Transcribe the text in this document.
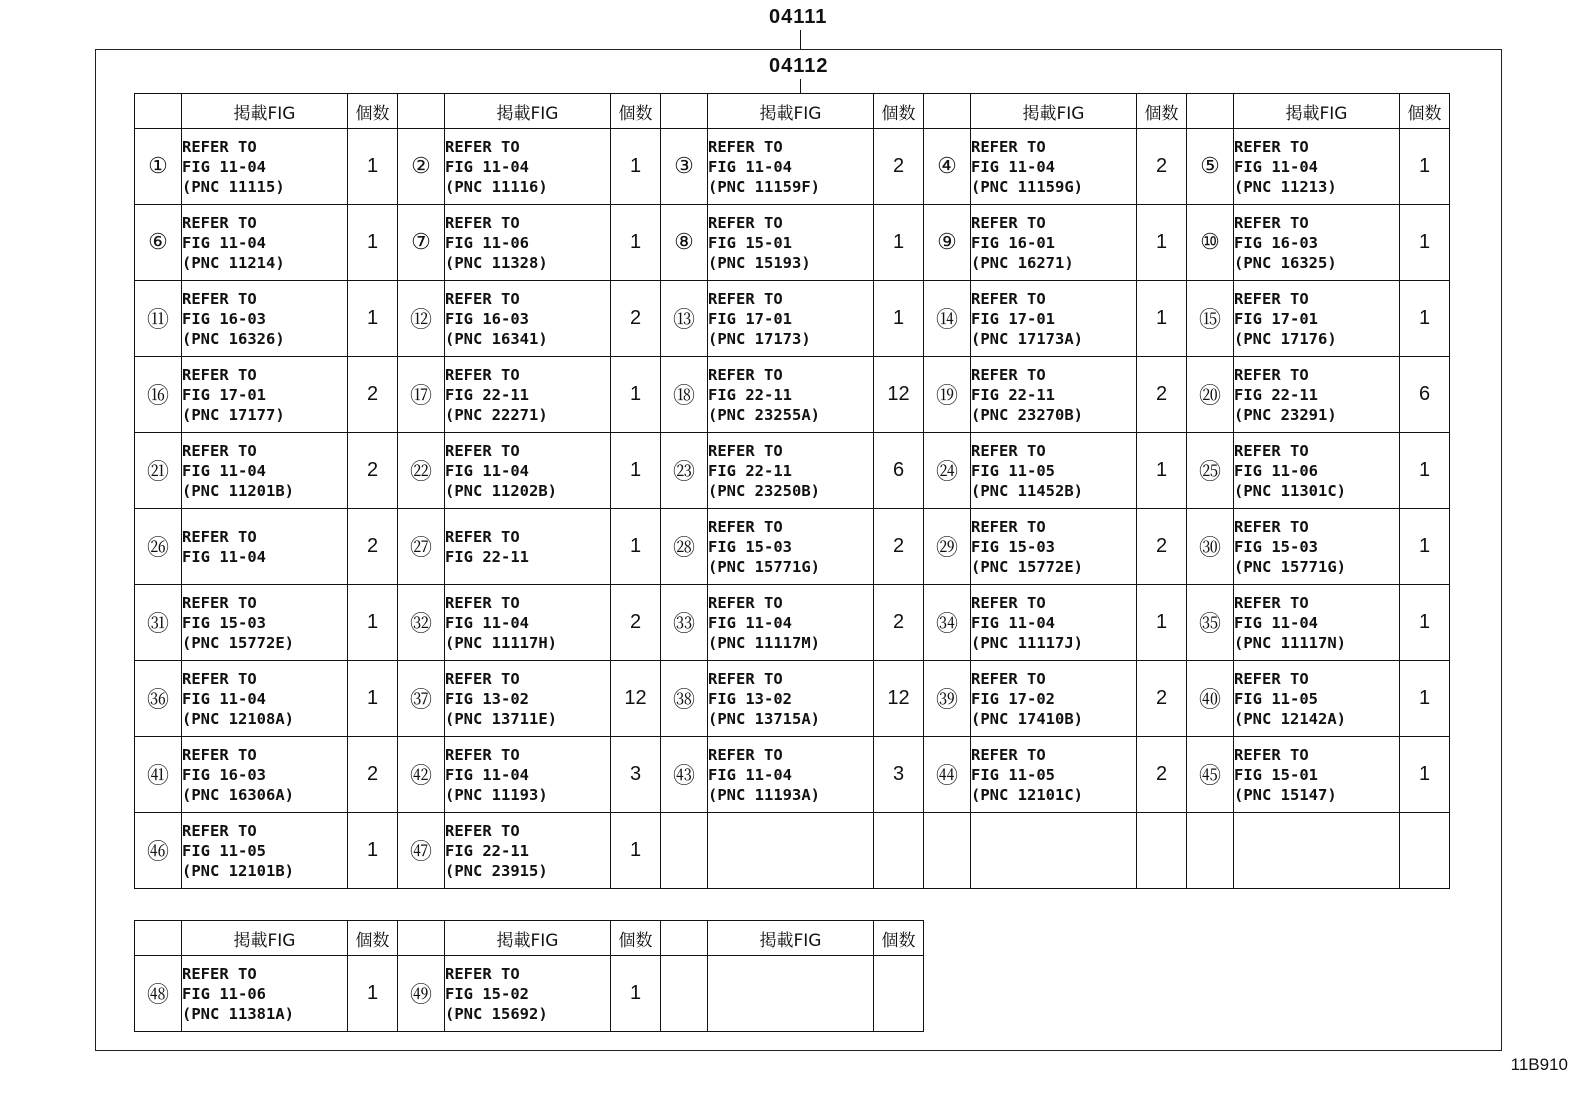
04111
04112
	掲載FIG	個数		掲載FIG	個数		掲載FIG	個数		掲載FIG	個数		掲載FIG	個数
①	REFER TO
FIG 11-04
(PNC 11115)	1	②	REFER TO
FIG 11-04
(PNC 11116)	1	③	REFER TO
FIG 11-04
(PNC 11159F)	2	④	REFER TO
FIG 11-04
(PNC 11159G)	2	⑤	REFER TO
FIG 11-04
(PNC 11213)	1
⑥	REFER TO
FIG 11-04
(PNC 11214)	1	⑦	REFER TO
FIG 11-06
(PNC 11328)	1	⑧	REFER TO
FIG 15-01
(PNC 15193)	1	⑨	REFER TO
FIG 16-01
(PNC 16271)	1	⑩	REFER TO
FIG 16-03
(PNC 16325)	1
⑪	REFER TO
FIG 16-03
(PNC 16326)	1	⑫	REFER TO
FIG 16-03
(PNC 16341)	2	⑬	REFER TO
FIG 17-01
(PNC 17173)	1	⑭	REFER TO
FIG 17-01
(PNC 17173A)	1	⑮	REFER TO
FIG 17-01
(PNC 17176)	1
⑯	REFER TO
FIG 17-01
(PNC 17177)	2	⑰	REFER TO
FIG 22-11
(PNC 22271)	1	⑱	REFER TO
FIG 22-11
(PNC 23255A)	12	⑲	REFER TO
FIG 22-11
(PNC 23270B)	2	⑳	REFER TO
FIG 22-11
(PNC 23291)	6
㉑	REFER TO
FIG 11-04
(PNC 11201B)	2	㉒	REFER TO
FIG 11-04
(PNC 11202B)	1	㉓	REFER TO
FIG 22-11
(PNC 23250B)	6	㉔	REFER TO
FIG 11-05
(PNC 11452B)	1	㉕	REFER TO
FIG 11-06
(PNC 11301C)	1
㉖	REFER TO
FIG 11-04	2	㉗	REFER TO
FIG 22-11	1	㉘	REFER TO
FIG 15-03
(PNC 15771G)	2	㉙	REFER TO
FIG 15-03
(PNC 15772E)	2	㉚	REFER TO
FIG 15-03
(PNC 15771G)	1
㉛	REFER TO
FIG 15-03
(PNC 15772E)	1	㉜	REFER TO
FIG 11-04
(PNC 11117H)	2	㉝	REFER TO
FIG 11-04
(PNC 11117M)	2	㉞	REFER TO
FIG 11-04
(PNC 11117J)	1	㉟	REFER TO
FIG 11-04
(PNC 11117N)	1
㊱	REFER TO
FIG 11-04
(PNC 12108A)	1	㊲	REFER TO
FIG 13-02
(PNC 13711E)	12	㊳	REFER TO
FIG 13-02
(PNC 13715A)	12	㊴	REFER TO
FIG 17-02
(PNC 17410B)	2	㊵	REFER TO
FIG 11-05
(PNC 12142A)	1
㊶	REFER TO
FIG 16-03
(PNC 16306A)	2	㊷	REFER TO
FIG 11-04
(PNC 11193)	3	㊸	REFER TO
FIG 11-04
(PNC 11193A)	3	㊹	REFER TO
FIG 11-05
(PNC 12101C)	2	㊺	REFER TO
FIG 15-01
(PNC 15147)	1
㊻	REFER TO
FIG 11-05
(PNC 12101B)	1	㊼	REFER TO
FIG 22-11
(PNC 23915)	1		

	掲載FIG	個数		掲載FIG	個数		掲載FIG	個数
㊽	REFER TO
FIG 11-06
(PNC 11381A)	1	㊾	REFER TO
FIG 15-02
(PNC 15692)	1		

11B910
